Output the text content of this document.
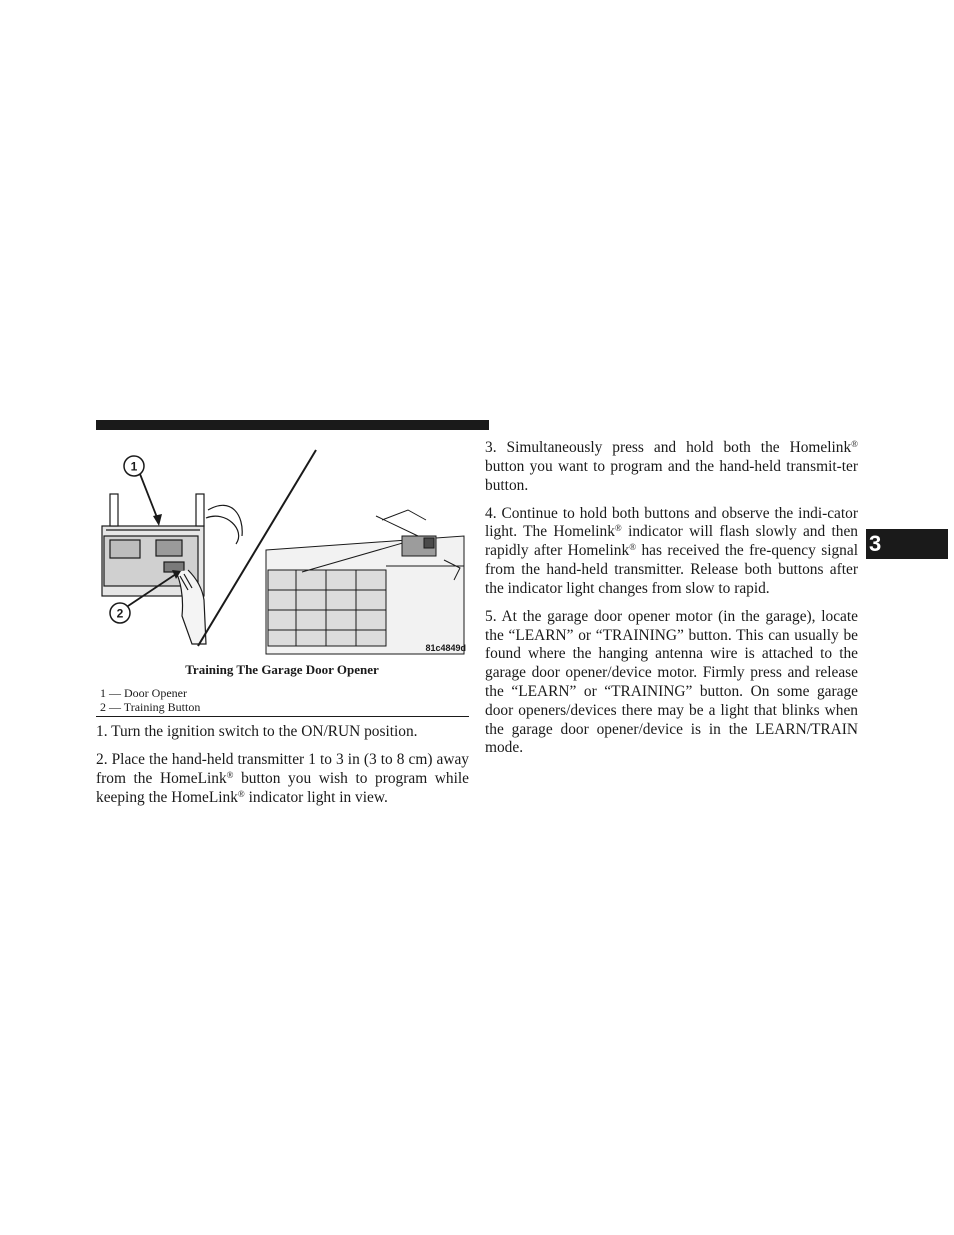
1
2
81c4849d
Training The Garage Door Opener
1 — Door Opener
2 — Training Button

1. Turn the ignition switch to the ON/RUN position.

2. Place the hand-held transmitter 1 to 3 in (3 to 8 cm) away from the HomeLink® button you wish to program while keeping the HomeLink® indicator light in view.

3. Simultaneously press and hold both the Homelink® button you want to program and the hand-held transmit-ter button.

4. Continue to hold both buttons and observe the indi-cator light. The Homelink® indicator will flash slowly and then rapidly after Homelink® has received the fre-quency signal from the hand-held transmitter. Release both buttons after the indicator light changes from slow to rapid.

5. At the garage door opener motor (in the garage), locate the “LEARN” or “TRAINING” button. This can usually be found where the hanging antenna wire is attached to the garage door opener/device motor. Firmly press and release the “LEARN” or “TRAINING” button. On some garage door openers/devices there may be a light that blinks when the garage door opener/device is in the LEARN/TRAIN mode.

3
